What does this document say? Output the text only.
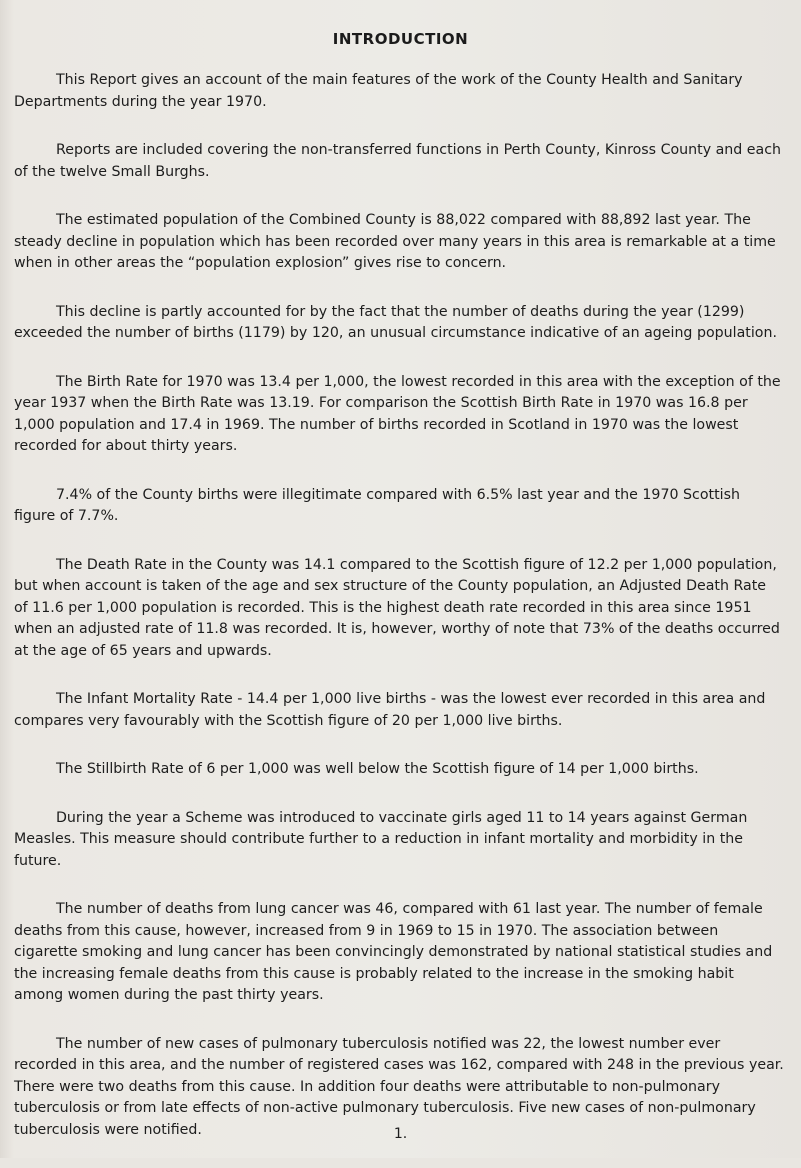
INTRODUCTION

This Report gives an account of the main features of the work of the County Health and Sanitary Departments during the year 1970.

Reports are included covering the non-transferred functions in Perth County, Kinross County and each of the twelve Small Burghs.

The estimated population of the Combined County is 88,022 compared with 88,892 last year. The steady decline in population which has been recorded over many years in this area is remarkable at a time when in other areas the “population explosion” gives rise to concern.

This decline is partly accounted for by the fact that the number of deaths during the year (1299) exceeded the number of births (1179) by 120, an unusual circumstance indicative of an ageing population.

The Birth Rate for 1970 was 13.4 per 1,000, the lowest recorded in this area with the exception of the year 1937 when the Birth Rate was 13.19. For comparison the Scottish Birth Rate in 1970 was 16.8 per 1,000 population and 17.4 in 1969. The number of births recorded in Scotland in 1970 was the lowest recorded for about thirty years.

7.4% of the County births were illegitimate compared with 6.5% last year and the 1970 Scottish figure of 7.7%.

The Death Rate in the County was 14.1 compared to the Scottish figure of 12.2 per 1,000 population, but when account is taken of the age and sex structure of the County population, an Adjusted Death Rate of 11.6 per 1,000 population is recorded. This is the highest death rate recorded in this area since 1951 when an adjusted rate of 11.8 was recorded. It is, however, worthy of note that 73% of the deaths occurred at the age of 65 years and upwards.

The Infant Mortality Rate - 14.4 per 1,000 live births - was the lowest ever recorded in this area and compares very favourably with the Scottish figure of 20 per 1,000 live births.

The Stillbirth Rate of 6 per 1,000 was well below the Scottish figure of 14 per 1,000 births.

During the year a Scheme was introduced to vaccinate girls aged 11 to 14 years against German Measles. This measure should contribute further to a reduction in infant mortality and morbidity in the future.

The number of deaths from lung cancer was 46, compared with 61 last year. The number of female deaths from this cause, however, increased from 9 in 1969 to 15 in 1970. The association between cigarette smoking and lung cancer has been convincingly demonstrated by national statistical studies and the increasing female deaths from this cause is probably related to the increase in the smoking habit among women during the past thirty years.

The number of new cases of pulmonary tuberculosis notified was 22, the lowest number ever recorded in this area, and the number of registered cases was 162, compared with 248 in the previous year. There were two deaths from this cause. In addition four deaths were attributable to non-pulmonary tuberculosis or from late effects of non-active pulmonary tuberculosis. Five new cases of non-pulmonary tuberculosis were notified.	1.
